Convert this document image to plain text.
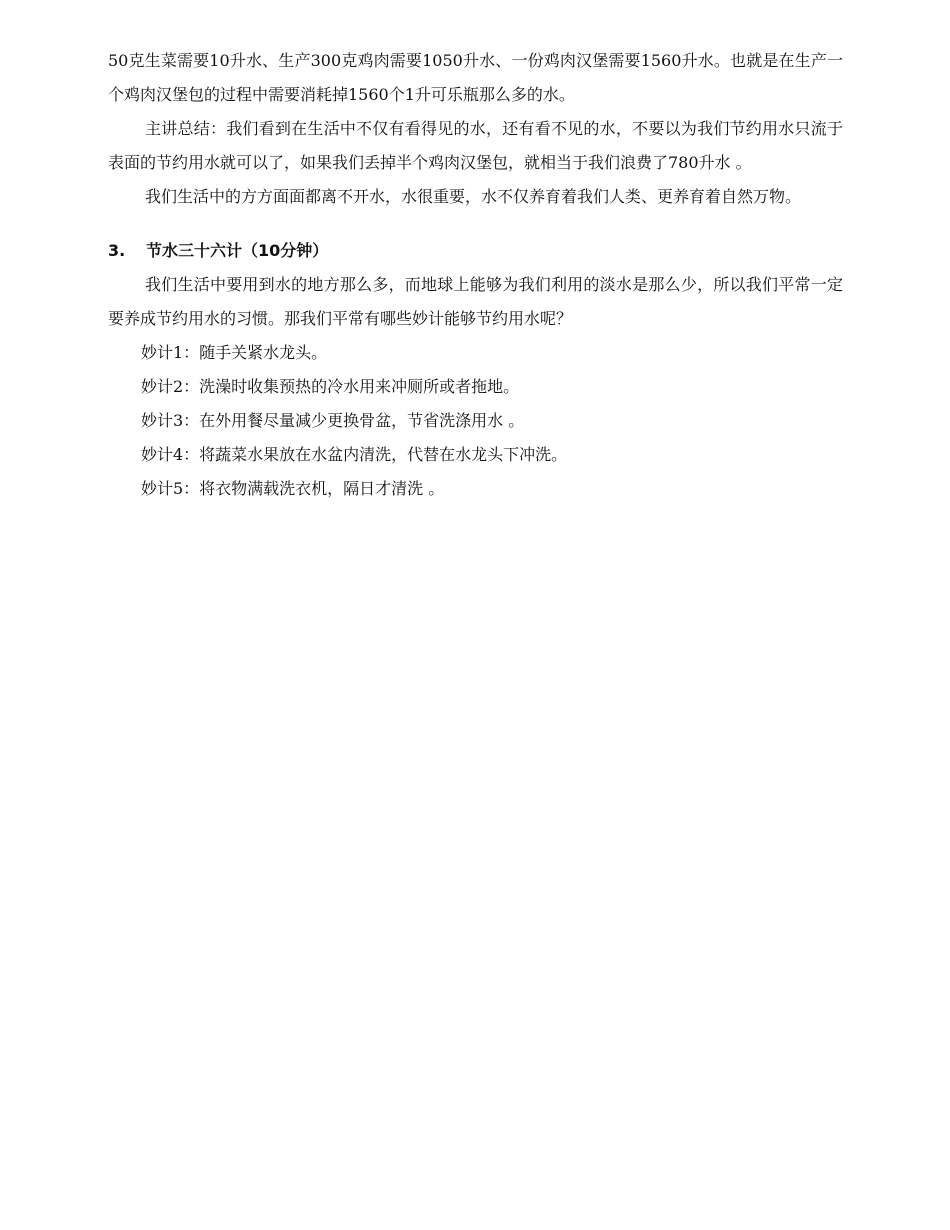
50克生菜需要10升水、生产300克鸡肉需要1050升水、一份鸡肉汉堡需要1560升水。也就是在生产一个鸡肉汉堡包的过程中需要消耗掉1560个1升可乐瓶那么多的水。

主讲总结：我们看到在生活中不仅有看得见的水，还有看不见的水，不要以为我们节约用水只流于表面的节约用水就可以了，如果我们丢掉半个鸡肉汉堡包，就相当于我们浪费了780升水 。

我们生活中的方方面面都离不开水，水很重要，水不仅养育着我们人类、更养育着自然万物。

3. 节水三十六计（10分钟）

我们生活中要用到水的地方那么多，而地球上能够为我们利用的淡水是那么少，所以我们平常一定要养成节约用水的习惯。那我们平常有哪些妙计能够节约用水呢？

妙计1：随手关紧水龙头。

妙计2：洗澡时收集预热的冷水用来冲厕所或者拖地。

妙计3：在外用餐尽量减少更换骨盆，节省洗涤用水 。

妙计4：将蔬菜水果放在水盆内清洗，代替在水龙头下冲洗。

妙计5：将衣物满载洗衣机，隔日才清洗 。
